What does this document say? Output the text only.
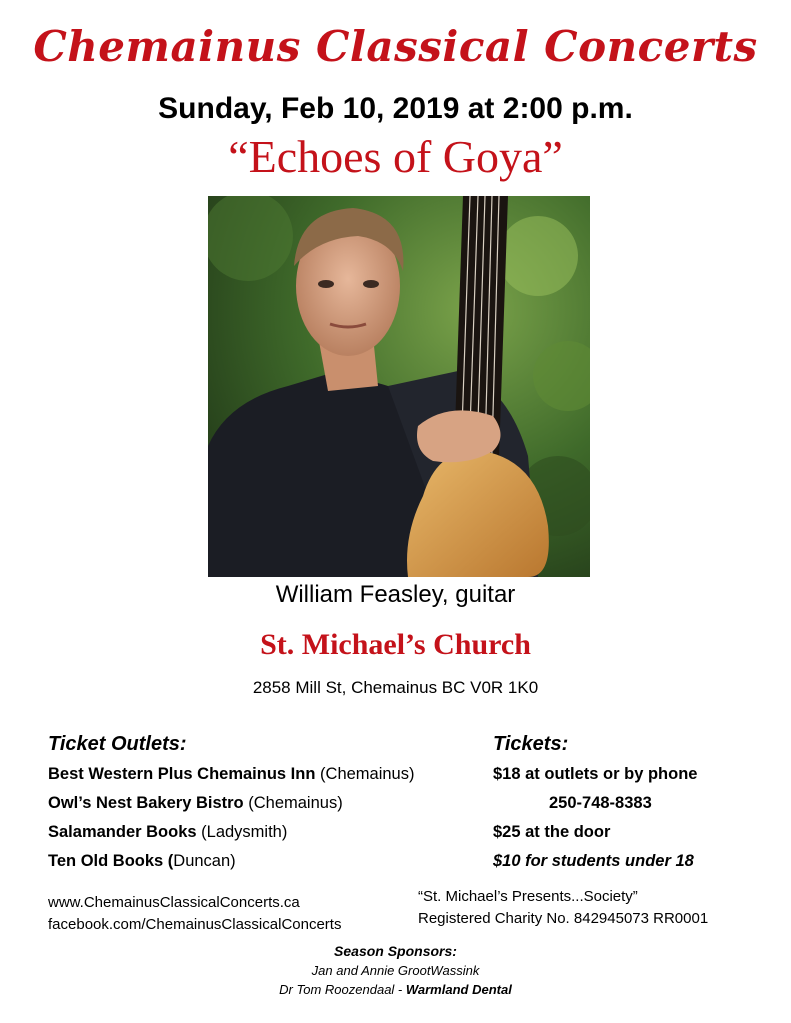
Chemainus Classical Concerts
Sunday, Feb 10, 2019 at 2:00 p.m.
“Echoes of Goya”
William Feasley, guitar
St. Michael’s Church
2858 Mill St, Chemainus BC V0R 1K0
Ticket Outlets:
Best Western Plus Chemainus Inn (Chemainus)
Owl’s Nest Bakery Bistro (Chemainus)
Salamander Books (Ladysmith)
Ten Old Books (Duncan)
Tickets:
$18 at outlets or by phone
250-748-8383
$25 at the door
$10 for students under 18
www.ChemainusClassicalConcerts.ca
facebook.com/ChemainusClassicalConcerts
“St. Michael’s Presents...Society”
Registered Charity No. 842945073 RR0001
Season Sponsors:
Jan and Annie GrootWassink
Dr Tom Roozendaal - Warmland Dental
